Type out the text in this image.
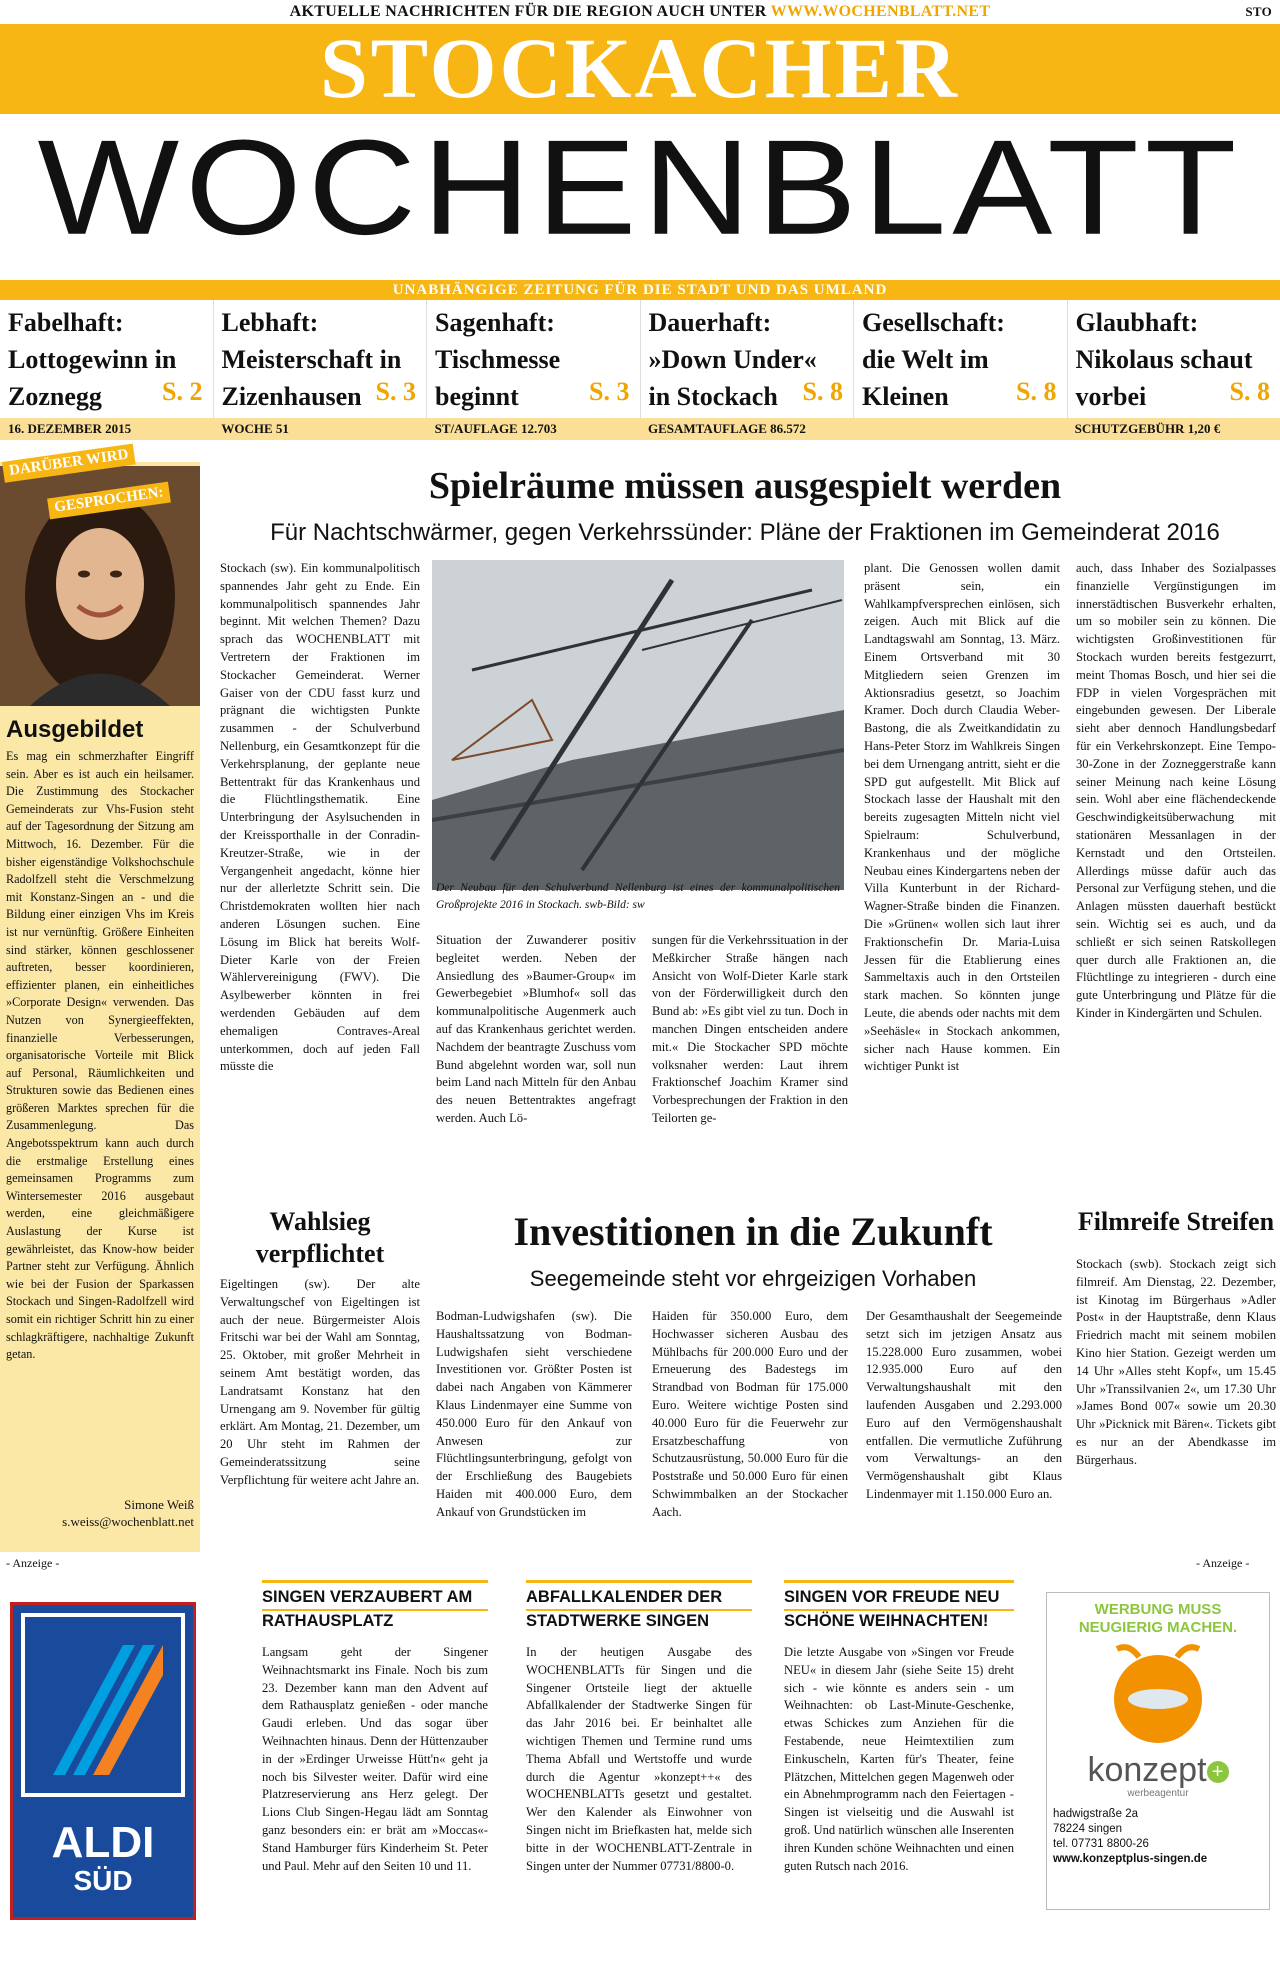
AKTUELLE NACHRICHTEN FÜR DIE REGION AUCH UNTER WWW.WOCHENBLATT.NET	STO
STOCKACHER
WOCHENBLATT
UNABHÄNGIGE ZEITUNG FÜR DIE STADT UND DAS UMLAND
Fabelhaft:
Lottogewinn in
Zoznegg	S. 2
Lebhaft:
Meisterschaft in
Zizenhausen S. 3
Sagenhaft:
Tischmesse
beginnt	S. 3
Dauerhaft:
»Down Under«
in Stockach S. 8
Gesellschaft:
die Welt im
Kleinen	S. 8
Glaubhaft:
Nikolaus schaut
vorbei	S. 8
16. DEZEMBER 2015	WOCHE 51	ST/AUFLAGE 12.703	GESAMTAUFLAGE 86.572	SCHUTZGEBÜHR 1,20 €
DARÜBER WIRD
GESPROCHEN:
Ausgebildet
Es mag ein schmerzhafter Eingriff sein. Aber es ist auch ein heilsamer. Die Zustimmung des Stockacher Gemeinderats zur Vhs-Fusion steht auf der Tagesordnung der Sitzung am Mittwoch, 16. Dezember. Für die bisher eigenständige Volkshochschule Radolfzell steht die Verschmelzung mit Konstanz-Singen an - und die Bildung einer einzigen Vhs im Kreis ist nur vernünftig. Größere Einheiten sind stärker, können geschlossener auftreten, besser koordinieren, effizienter planen, ein einheitliches »Corporate Design« verwenden. Das Nutzen von Synergieeffekten, finanzielle Verbesserungen, organisatorische Vorteile mit Blick auf Personal, Räumlichkeiten und Strukturen sowie das Bedienen eines größeren Marktes sprechen für die Zusammenlegung. Das Angebotsspektrum kann auch durch die erstmalige Erstellung eines gemeinsamen Programms zum Wintersemester 2016 ausgebaut werden, eine gleichmäßigere Auslastung der Kurse ist gewährleistet, das Know-how beider Partner steht zur Verfügung. Ähnlich wie bei der Fusion der Sparkassen Stockach und Singen-Radolfzell wird somit ein richtiger Schritt hin zu einer schlagkräftigere, nachhaltige Zukunft getan.
Simone Weiß
s.weiss@wochenblatt.net
Spielräume müssen ausgespielt werden
Für Nachtschwärmer, gegen Verkehrssünder: Pläne der Fraktionen im Gemeinderat 2016
Stockach (sw). Ein kommunalpolitisch spannendes Jahr geht zu Ende. Ein kommunalpolitisch spannendes Jahr beginnt. Mit welchen Themen? Dazu sprach das WOCHENBLATT mit Vertretern der Fraktionen im Stockacher Gemeinderat. Werner Gaiser von der CDU fasst kurz und prägnant die wichtigsten Punkte zusammen - der Schulverbund Nellenburg, ein Gesamtkonzept für die Verkehrsplanung, der geplante neue Bettentrakt für das Krankenhaus und die Flüchtlingsthematik. Eine Unterbringung der Asylsuchenden in der Kreissporthalle in der Conradin-Kreutzer-Straße, wie in der Vergangenheit angedacht, könne hier nur der allerletzte Schritt sein. Die Christdemokraten wollten hier nach anderen Lösungen suchen. Eine Lösung im Blick hat bereits Wolf-Dieter Karle von der Freien Wählervereinigung (FWV). Die Asylbewerber könnten in frei werdenden Gebäuden auf dem ehemaligen Contraves-Areal unterkommen, doch auf jeden Fall müsste die
Der Neubau für den Schulverbund Nellenburg ist eines der kommunalpolitischen Großprojekte 2016 in Stockach. swb-Bild: sw
Situation der Zuwanderer positiv begleitet werden. Neben der Ansiedlung des »Baumer-Group« im Gewerbegebiet »Blumhof« soll das kommunalpolitische Augenmerk auch auf das Krankenhaus gerichtet werden. Nachdem der beantragte Zuschuss vom Bund abgelehnt worden war, soll nun beim Land nach Mitteln für den Anbau des neuen Bettentraktes angefragt werden. Auch Lö-
sungen für die Verkehrssituation in der Meßkircher Straße hängen nach Ansicht von Wolf-Dieter Karle stark von der Förderwilligkeit durch den Bund ab: »Es gibt viel zu tun. Doch in manchen Dingen entscheiden andere mit.« Die Stockacher SPD möchte volksnaher werden: Laut ihrem Fraktionschef Joachim Kramer sind Vorbesprechungen der Fraktion in den Teilorten ge-
plant. Die Genossen wollen damit präsent sein, ein Wahlkampfversprechen einlösen, sich zeigen. Auch mit Blick auf die Landtagswahl am Sonntag, 13. März. Einem Ortsverband mit 30 Mitgliedern seien Grenzen im Aktionsradius gesetzt, so Joachim Kramer. Doch durch Claudia Weber-Bastong, die als Zweitkandidatin zu Hans-Peter Storz im Wahlkreis Singen bei dem Urnengang antritt, sieht er die SPD gut aufgestellt. Mit Blick auf Stockach lasse der Haushalt mit den bereits zugesagten Mitteln nicht viel Spielraum: Schulverbund, Krankenhaus und der mögliche Neubau eines Kindergartens neben der Villa Kunterbunt in der Richard-Wagner-Straße binden die Finanzen. Die »Grünen« wollen sich laut ihrer Fraktionschefin Dr. Maria-Luisa Jessen für die Etablierung eines Sammeltaxis auch in den Ortsteilen stark machen. So könnten junge Leute, die abends oder nachts mit dem »Seehäsle« in Stockach ankommen, sicher nach Hause kommen. Ein wichtiger Punkt ist
auch, dass Inhaber des Sozialpasses finanzielle Vergünstigungen im innerstädtischen Busverkehr erhalten, um so mobiler sein zu können. Die wichtigsten Großinvestitionen für Stockach wurden bereits festgezurrt, meint Thomas Bosch, und hier sei die FDP in vielen Vorgesprächen mit eingebunden gewesen. Der Liberale sieht aber dennoch Handlungsbedarf für ein Verkehrskonzept. Eine Tempo-30-Zone in der Zozneggerstraße kann seiner Meinung nach keine Lösung sein. Wohl aber eine flächendeckende Geschwindigkeitsüberwachung mit stationären Messanlagen in der Kernstadt und den Ortsteilen. Allerdings müsse dafür auch das Personal zur Verfügung stehen, und die Anlagen müssten dauerhaft bestückt sein. Wichtig sei es auch, und da schließt er sich seinen Ratskollegen quer durch alle Fraktionen an, die Flüchtlinge zu integrieren - durch eine gute Unterbringung und Plätze für die Kinder in Kindergärten und Schulen.
Wahlsieg verpflichtet
Eigeltingen (sw). Der alte Verwaltungschef von Eigeltingen ist auch der neue. Bürgermeister Alois Fritschi war bei der Wahl am Sonntag, 25. Oktober, mit großer Mehrheit in seinem Amt bestätigt worden, das Landratsamt Konstanz hat den Urnengang am 9. November für gültig erklärt. Am Montag, 21. Dezember, um 20 Uhr steht im Rahmen der Gemeinderatssitzung seine Verpflichtung für weitere acht Jahre an.
Investitionen in die Zukunft
Seegemeinde steht vor ehrgeizigen Vorhaben
Bodman-Ludwigshafen (sw). Die Haushaltssatzung von Bodman-Ludwigshafen sieht verschiedene Investitionen vor. Größter Posten ist dabei nach Angaben von Kämmerer Klaus Lindenmayer eine Summe von 450.000 Euro für den Ankauf von Anwesen zur Flüchtlingsunterbringung, gefolgt von der Erschließung des Baugebiets Haiden mit 400.000 Euro, dem Ankauf von Grundstücken im
Haiden für 350.000 Euro, dem Hochwasser sicheren Ausbau des Mühlbachs für 200.000 Euro und der Erneuerung des Badestegs im Strandbad von Bodman für 175.000 Euro. Weitere wichtige Posten sind 40.000 Euro für die Feuerwehr zur Ersatzbeschaffung von Schutzausrüstung, 50.000 Euro für die Poststraße und 50.000 Euro für einen Schwimmbalken an der Stockacher Aach.
Der Gesamthaushalt der Seegemeinde setzt sich im jetzigen Ansatz aus 15.228.000 Euro zusammen, wobei 12.935.000 Euro auf den Verwaltungshaushalt mit den laufenden Ausgaben und 2.293.000 Euro auf den Vermögenshaushalt entfallen. Die vermutliche Zuführung vom Verwaltungs- an den Vermögenshaushalt gibt Klaus Lindenmayer mit 1.150.000 Euro an.
Filmreife Streifen
Stockach (swb). Stockach zeigt sich filmreif. Am Dienstag, 22. Dezember, ist Kinotag im Bürgerhaus »Adler Post« in der Hauptstraße, denn Klaus Friedrich macht mit seinem mobilen Kino hier Station. Gezeigt werden um 14 Uhr »Alles steht Kopf«, um 15.45 Uhr »Transsilvanien 2«, um 17.30 Uhr »James Bond 007« sowie um 20.30 Uhr »Picknick mit Bären«. Tickets gibt es nur an der Abendkasse im Bürgerhaus.
- Anzeige -	- Anzeige -
ALDI
SÜD
SINGEN VERZAUBERT AM
RATHAUSPLATZ
Langsam geht der Singener Weihnachtsmarkt ins Finale. Noch bis zum 23. Dezember kann man den Advent auf dem Rathausplatz genießen - oder manche Gaudi erleben. Und das sogar über Weihnachten hinaus. Denn der Hüttenzauber in der »Erdinger Urweisse Hütt'n« geht ja noch bis Silvester weiter. Dafür wird eine Platzreservierung ans Herz gelegt. Der Lions Club Singen-Hegau lädt am Sonntag ganz besonders ein: er brät am »Moccas«-Stand Hamburger fürs Kinderheim St. Peter und Paul. Mehr auf den Seiten 10 und 11.
ABFALLKALENDER DER
STADTWERKE SINGEN
In der heutigen Ausgabe des WOCHENBLATTs für Singen und die Singener Ortsteile liegt der aktuelle Abfallkalender der Stadtwerke Singen für das Jahr 2016 bei. Er beinhaltet alle wichtigen Themen und Termine rund ums Thema Abfall und Wertstoffe und wurde durch die Agentur »konzept++« des WOCHENBLATTs gesetzt und gestaltet. Wer den Kalender als Einwohner von Singen nicht im Briefkasten hat, melde sich bitte in der WOCHENBLATT-Zentrale in Singen unter der Nummer 07731/8800-0.
SINGEN VOR FREUDE NEU
SCHÖNE WEIHNACHTEN!
Die letzte Ausgabe von »Singen vor Freude NEU« in diesem Jahr (siehe Seite 15) dreht sich - wie könnte es anders sein - um Weihnachten: ob Last-Minute-Geschenke, etwas Schickes zum Anziehen für die Festabende, neue Heimtextilien zum Einkuscheln, Karten für's Theater, feine Plätzchen, Mittelchen gegen Magenweh oder ein Abnehmprogramm nach den Feiertagen - Singen ist vielseitig und die Auswahl ist groß. Und natürlich wünschen alle Inserenten ihren Kunden schöne Weihnachten und einen guten Rutsch nach 2016.
WERBUNG MUSS NEUGIERIG MACHEN.
konzept +
werbeagentur
hadwigstraße 2a
78224 singen
tel. 07731 8800-26
www.konzeptplus-singen.de
